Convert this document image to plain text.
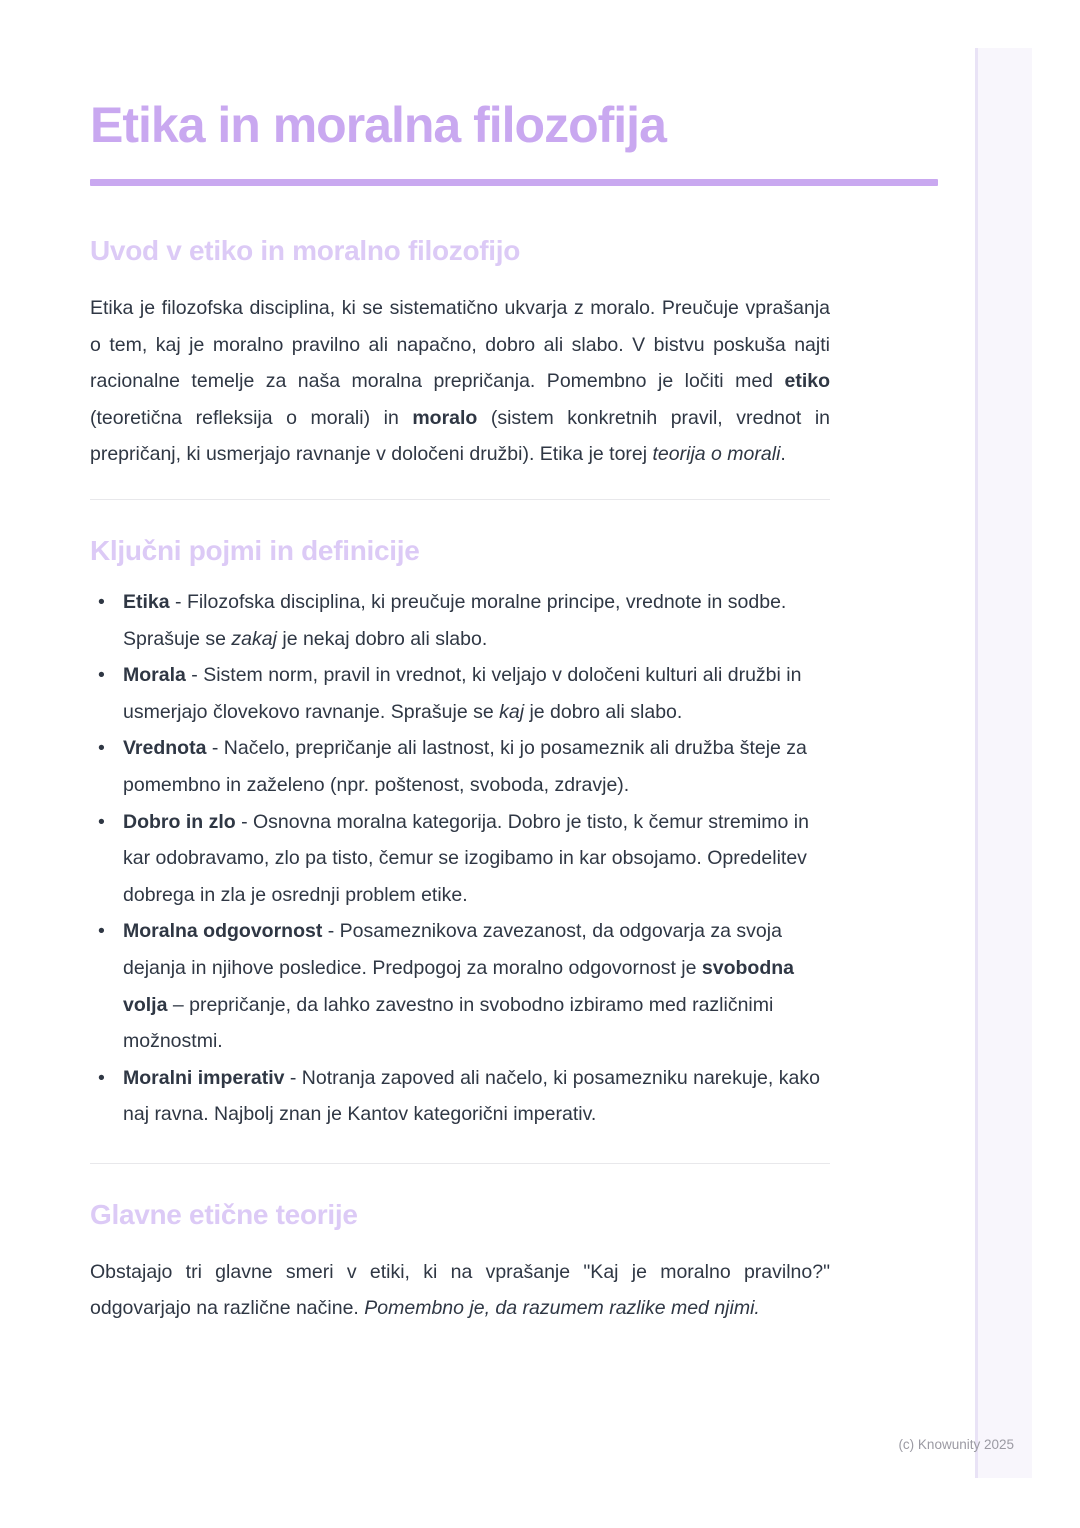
Etika in moralna filozofija
Uvod v etiko in moralno filozofijo

Etika je filozofska disciplina, ki se sistematično ukvarja z moralo. Preučuje vprašanja o tem, kaj je moralno pravilno ali napačno, dobro ali slabo. V bistvu poskuša najti racionalne temelje za naša moralna prepričanja. Pomembno je ločiti med etiko (teoretična refleksija o morali) in moralo (sistem konkretnih pravil, vrednot in prepričanj, ki usmerjajo ravnanje v določeni družbi). Etika je torej teorija o morali.

Ključni pojmi in definicije
• Etika - Filozofska disciplina, ki preučuje moralne principe, vrednote in sodbe. Sprašuje se zakaj je nekaj dobro ali slabo.
• Morala - Sistem norm, pravil in vrednot, ki veljajo v določeni kulturi ali družbi in usmerjajo človekovo ravnanje. Sprašuje se kaj je dobro ali slabo.
• Vrednota - Načelo, prepričanje ali lastnost, ki jo posameznik ali družba šteje za pomembno in zaželeno (npr. poštenost, svoboda, zdravje).
• Dobro in zlo - Osnovna moralna kategorija. Dobro je tisto, k čemur stremimo in kar odobravamo, zlo pa tisto, čemur se izogibamo in kar obsojamo. Opredelitev dobrega in zla je osrednji problem etike.
• Moralna odgovornost - Posameznikova zavezanost, da odgovarja za svoja dejanja in njihove posledice. Predpogoj za moralno odgovornost je svobodna volja – prepričanje, da lahko zavestno in svobodno izbiramo med različnimi možnostmi.
• Moralni imperativ - Notranja zapoved ali načelo, ki posamezniku narekuje, kako naj ravna. Najbolj znan je Kantov kategorični imperativ.
Glavne etične teorije

Obstajajo tri glavne smeri v etiki, ki na vprašanje "Kaj je moralno pravilno?" odgovarjajo na različne načine. Pomembno je, da razumem razlike med njimi.

(c) Knowunity 2025
